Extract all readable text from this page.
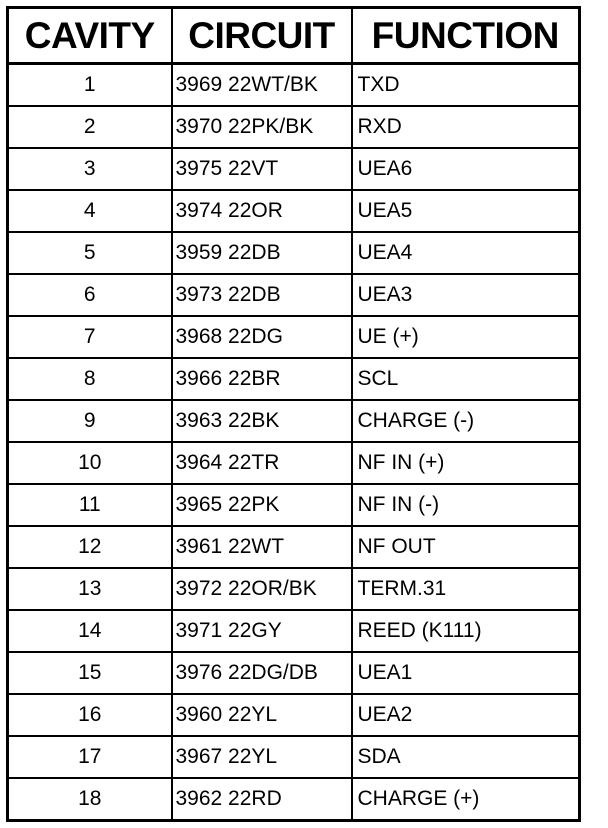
CAVITY	CIRCUIT	FUNCTION
1	3969 22WT/BK	TXD
2	3970 22PK/BK	RXD
3	3975 22VT	UEA6
4	3974 22OR	UEA5
5	3959 22DB	UEA4
6	3973 22DB	UEA3
7	3968 22DG	UE (+)
8	3966 22BR	SCL
9	3963 22BK	CHARGE (-)
10	3964 22TR	NF IN (+)
11	3965 22PK	NF IN (-)
12	3961 22WT	NF OUT
13	3972 22OR/BK	TERM.31
14	3971 22GY	REED (K111)
15	3976 22DG/DB	UEA1
16	3960 22YL	UEA2
17	3967 22YL	SDA
18	3962 22RD	CHARGE (+)
